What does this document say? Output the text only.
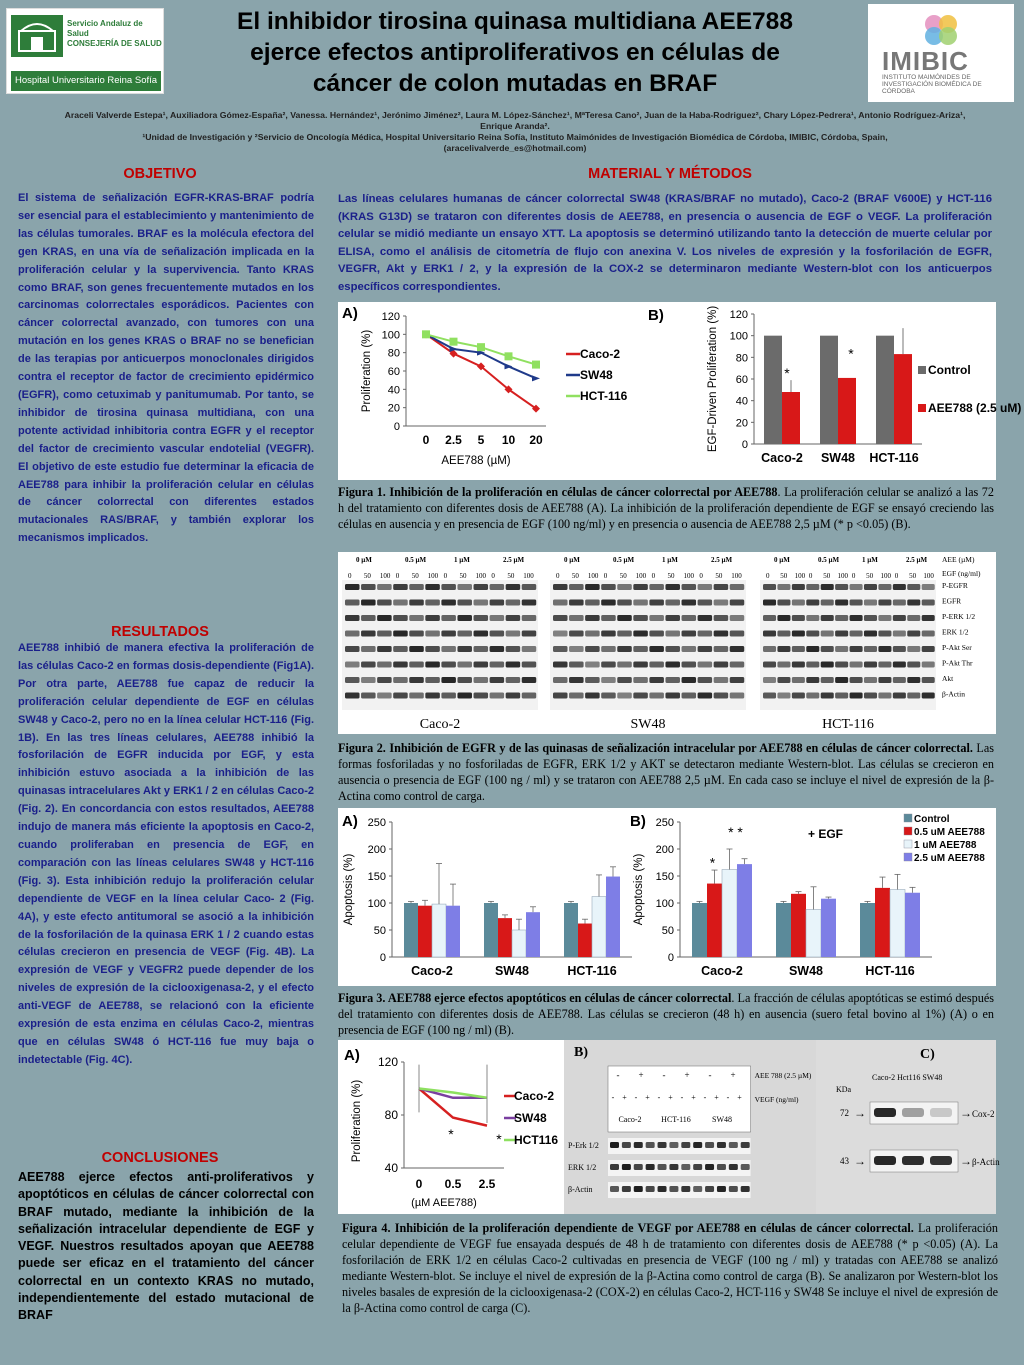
Servicio Andaluz de Salud
CONSEJERÍA DE SALUD
Hospital Universitario Reina Sofía
El inhibidor tirosina quinasa multidiana AEE788
ejerce efectos antiproliferativos en células de
cáncer de colon mutadas en BRAF
IMIBIC
INSTITUTO MAIMÓNIDES DE INVESTIGACIÓN BIOMÉDICA DE CÓRDOBA
Araceli Valverde Estepa¹, Auxiliadora Gómez-España², Vanessa. Hernández¹, Jerónimo Jiménez², Laura M. López-Sánchez¹, MªTeresa Cano², Juan de la Haba-Rodriguez², Chary López-Pedrera¹, Antonio Rodríguez-Ariza¹, Enrique Aranda².
¹Unidad de Investigación y ²Servicio de Oncología Médica, Hospital Universitario Reina Sofía, Instituto Maimónides de Investigación Biomédica de Córdoba, IMIBIC, Córdoba, Spain,
(aracelivalverde_es@hotmail.com)
OBJETIVO
El sistema de señalización EGFR-KRAS-BRAF podría ser esencial para el establecimiento y mantenimiento de las células tumorales. BRAF es la molécula efectora del gen KRAS, en una vía de señalización implicada en la proliferación celular y la supervivencia. Tanto KRAS como BRAF, son genes frecuentemente mutados en los carcinomas colorrectales esporádicos. Pacientes con cáncer colorrectal avanzado, con tumores con una mutación en los genes KRAS o BRAF no se benefician de las terapias por anticuerpos monoclonales dirigidos contra el receptor de factor de crecimiento epidérmico (EGFR), como cetuximab y panitumumab. Por tanto, se inhibidor de tirosina quinasa multidiana, con una potente actividad inhibitoria contra EGFR y el receptor del factor de crecimiento vascular endotelial (VEGFR). El objetivo de este estudio fue determinar la eficacia de AEE788 para inhibir la proliferación celular en células de cáncer colorrectal con diferentes estados mutacionales RAS/BRAF, y también explorar los mecanismos implicados.
RESULTADOS
AEE788 inhibió de manera efectiva la proliferación de las células Caco-2 en formas dosis-dependiente (Fig1A). Por otra parte, AEE788 fue capaz de reducir la proliferación celular dependiente de EGF en células SW48 y Caco-2, pero no en la línea celular HCT-116 (Fig. 1B). En las tres líneas celulares, AEE788 inhibió la fosforilación de EGFR inducida por EGF, y esta inhibición estuvo asociada a la inhibición de las quinasas intracelulares Akt y ERK1 / 2 en células Caco-2 (Fig. 2). En concordancia con estos resultados, AEE788 indujo de manera más eficiente la apoptosis en Caco-2, cuando proliferaban en presencia de EGF, en comparación con las líneas celulares SW48 y HCT-116 (Fig. 3). Esta inhibición redujo la proliferación celular dependiente de VEGF en la línea celular Caco- 2 (Fig. 4A), y este efecto antitumoral se asoció a la inhibición de la fosforilación de la quinasa ERK 1 / 2 cuando estas células crecieron en presencia de VEGF (Fig. 4B). La expresión de VEGF y VEGFR2 puede depender de los niveles de expresión de la ciclooxigenasa-2, y el efecto anti-VEGF de AEE788, se relacionó con la eficiente expresión de esta enzima en células Caco-2, mientras que en células SW48 ó HCT-116 fue muy baja o indetectable (Fig. 4C).
CONCLUSIONES
AEE788 ejerce efectos anti-proliferativos y apoptóticos en células de cáncer colorrectal con BRAF mutado, mediante la inhibición de la señalización intracelular dependiente de EGF y VEGF. Nuestros resultados apoyan que AEE788 puede ser eficaz en el tratamiento del cáncer colorrectal en un contexto KRAS no mutado, independientemente del estado mutacional de BRAF
MATERIAL Y MÉTODOS
Las líneas celulares humanas de cáncer colorrectal SW48 (KRAS/BRAF no mutado), Caco-2 (BRAF V600E) y HCT-116 (KRAS G13D) se trataron con diferentes dosis de AEE788, en presencia o ausencia de EGF o VEGF. La proliferación celular se midió mediante un ensayo XTT. La apoptosis se determinó utilizando tanto la detección de muerte celular por ELISA, como el análisis de citometría de flujo con anexina V. Los niveles de expresión y la fosforilación de EGFR, VEGFR, Akt y ERK1 / 2, y la expresión de la COX-2 se determinaron mediante Western-blot con los anticuerpos específicos correspondientes.
A)
0
20
40
60
80
100
120
0 2.5 5 10 20
AEE788 (µM)
Proliferation (%)	Caco-2
SW48
HCT-116
B)
0
20
40
60
80
100
120
Caco-2 SW48 HCT-116
EGF-Driven Proliferation (%)	Control
AEE788 (2.5 uM)
*
*
Figura 1. Inhibición de la proliferación en células de cáncer colorrectal por AEE788. La proliferación celular se analizó a las 72 h del tratamiento con diferentes dosis de AEE788 (A). La inhibición de la proliferación dependiente de EGF se ensayó creciendo las células en ausencia y en presencia de EGF (100 ng/ml) y en presencia o ausencia de AEE788 2,5 µM (* p <0.05) (B).
0 µM	0.5 µM	1 µM	2.5 µM
0 50 100 0 50 100 0 50 100 0 50 100
Caco-2
0 µM	0.5 µM	1 µM	2.5 µM
0 50 100 0 50 100 0 50 100 0 50 100
SW48
0 µM	0.5 µM	1 µM	2.5 µM
0 50 100 0 50 100 0 50 100 0 50 100
HCT-116
AEE (µM)
EGF (ng/ml)
P-EGFR
EGFR
P-ERK 1/2
ERK 1/2
P-Akt Ser
P-Akt Thr
Akt
β-Actin
Figura 2. Inhibición de EGFR y de las quinasas de señalización intracelular por AEE788 en células de cáncer colorrectal. Las formas fosforiladas y no fosforiladas de EGFR, ERK 1/2 y AKT se detectaron mediante Western-blot. Las células se crecieron en ausencia o presencia de EGF (100 ng / ml) y se trataron con AEE788 2,5 µM. En cada caso se incluye el nivel de expresión de la β-Actina como control de carga.
A)
0
50
100
150
200
250
Caco-2	SW48	HCT-116
Apoptosis (%)
B)
0
50
100
150
200
250
Caco-2	SW48	HCT-116
Apoptosis (%)
Control
0.5 uM AEE788
1 uM AEE788
2.5 uM AEE788
+ EGF
*
* *
Figura 3. AEE788 ejerce efectos apoptóticos en células de cáncer colorrectal. La fracción de células apoptóticas se estimó después del tratamiento con diferentes dosis de AEE788. Las células se crecieron (48 h) en ausencia (suero fetal bovino al 1%) (A) o en presencia de EGF (100 ng / ml) (B).
A)
40
80
120
0 0.5 2.5
(µM AEE788)
Proliferation (%)	Caco-2
SW48
HCT116
*	*
B)
- + - + - +
- + - + - + - + - + - +
Caco-2 HCT-116	SW48
AEE 788 (2.5 µM)
VEGF (ng/ml)
P-Erk 1/2
ERK 1/2
β-Actin
C)
Caco-2 Hct116 SW48
KDa
72 →	→ Cox-2
43 →	→ β-Actin
Figura 4. Inhibición de la proliferación dependiente de VEGF por AEE788 en células de cáncer colorrectal. La proliferación celular dependiente de VEGF fue ensayada después de 48 h de tratamiento con diferentes dosis de AEE788 (* p <0.05) (A). La fosforilación de ERK 1/2 en células Caco-2 cultivadas en presencia de VEGF (100 ng / ml) y tratadas con AEE788 se analizó mediante Western-blot. Se incluye el nivel de expresión de la β-Actina como control de carga (B). Se analizaron por Western-blot los niveles basales de expresión de la ciclooxigenasa-2 (COX-2) en células Caco-2, HCT-116 y SW48 Se incluye el nivel de expresión de la β-Actina como control de carga (C).
